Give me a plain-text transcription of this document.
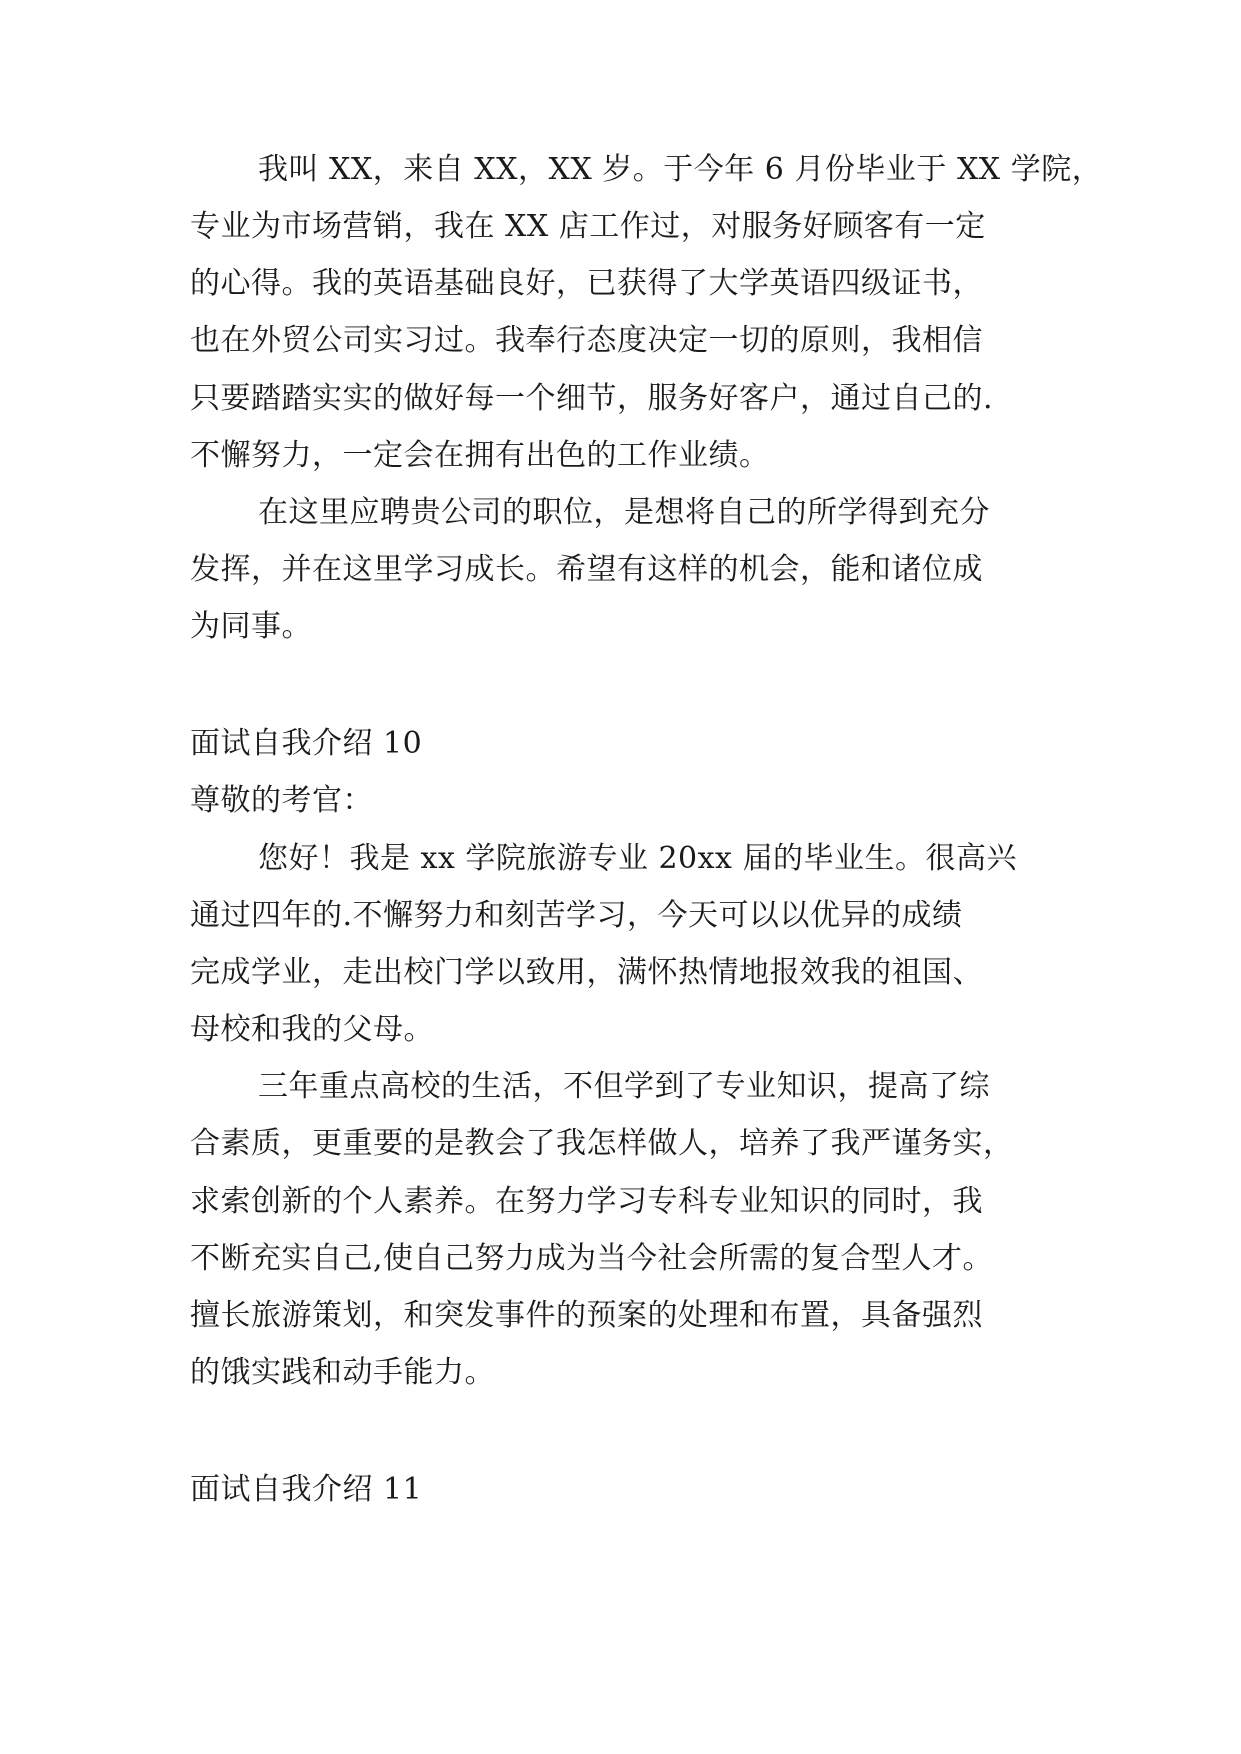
我叫 XX，来自 XX，XX 岁。于今年 6 月份毕业于 XX 学院，
专业为市场营销，我在 XX 店工作过，对服务好顾客有一定
的心得。我的英语基础良好，已获得了大学英语四级证书，
也在外贸公司实习过。我奉行态度决定一切的原则，我相信
只要踏踏实实的做好每一个细节，服务好客户，通过自己的.
不懈努力，一定会在拥有出色的工作业绩。
在这里应聘贵公司的职位，是想将自己的所学得到充分
发挥，并在这里学习成长。希望有这样的机会，能和诸位成
为同事。
面试自我介绍 10
尊敬的考官：
您好！我是 xx 学院旅游专业 20xx 届的毕业生。很高兴
通过四年的.不懈努力和刻苦学习，今天可以以优异的成绩
完成学业，走出校门学以致用，满怀热情地报效我的祖国、
母校和我的父母。
三年重点高校的生活，不但学到了专业知识，提高了综
合素质，更重要的是教会了我怎样做人，培养了我严谨务实，
求索创新的个人素养。在努力学习专科专业知识的同时，我
不断充实自己,使自己努力成为当今社会所需的复合型人才。
擅长旅游策划，和突发事件的预案的处理和布置，具备强烈
的饿实践和动手能力。
面试自我介绍 11
